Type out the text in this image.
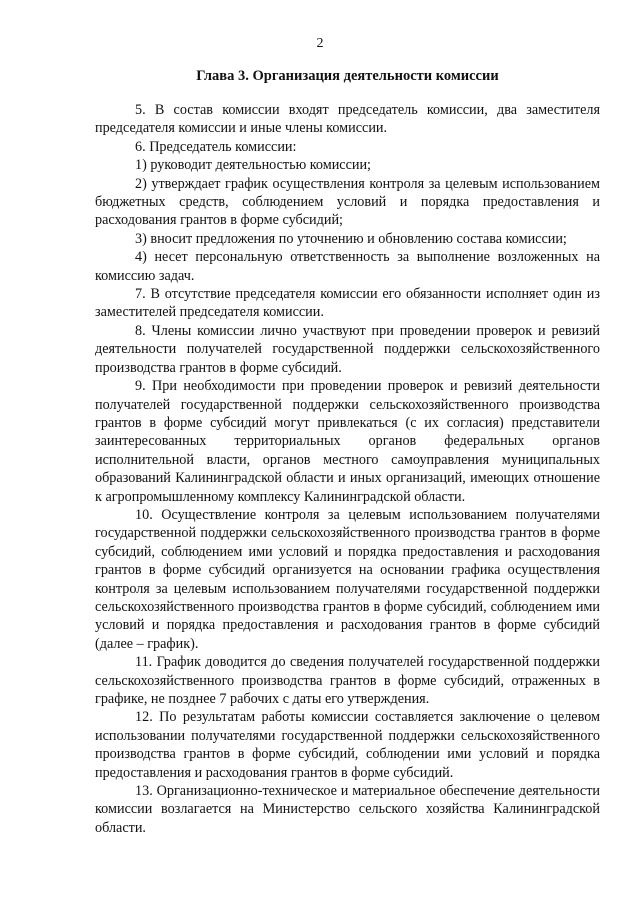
2
Глава 3. Организация деятельности комиссии

5. В состав комиссии входят председатель комиссии, два заместителя председателя комиссии и иные члены комиссии.

6. Председатель комиссии:

1) руководит деятельностью комиссии;

2) утверждает график осуществления контроля за целевым использованием бюджетных средств, соблюдением условий и порядка предоставления и расходования грантов в форме субсидий;

3) вносит предложения по уточнению и обновлению состава комиссии;

4) несет персональную ответственность за выполнение возложенных на комиссию задач.

7. В отсутствие председателя комиссии его обязанности исполняет один из заместителей председателя комиссии.

8. Члены комиссии лично участвуют при проведении проверок и ревизий деятельности получателей государственной поддержки сельскохозяйственного производства грантов в форме субсидий.

9. При необходимости при проведении проверок и ревизий деятельности получателей государственной поддержки сельскохозяйственного производства грантов в форме субсидий могут привлекаться (с их согласия) представители заинтересованных территориальных органов федеральных органов исполнительной власти, органов местного самоуправления муниципальных образований Калининградской области и иных организаций, имеющих отношение к агропромышленному комплексу Калининградской области.

10. Осуществление контроля за целевым использованием получателями государственной поддержки сельскохозяйственного производства грантов в форме субсидий, соблюдением ими условий и порядка предоставления и расходования грантов в форме субсидий организуется на основании графика осуществления контроля за целевым использованием получателями государственной поддержки сельскохозяйственного производства грантов в форме субсидий, соблюдением ими условий и порядка предоставления и расходования грантов в форме субсидий (далее – график).

11. График доводится до сведения получателей государственной поддержки сельскохозяйственного производства грантов в форме субсидий, отраженных в графике, не позднее 7 рабочих с даты его утверждения.

12. По результатам работы комиссии составляется заключение о целевом использовании получателями государственной поддержки сельскохозяйственного производства грантов в форме субсидий, соблюдении ими условий и порядка предоставления и расходования грантов в форме субсидий.

13. Организационно-техническое и материальное обеспечение деятельности комиссии возлагается на Министерство сельского хозяйства Калининградской области.
